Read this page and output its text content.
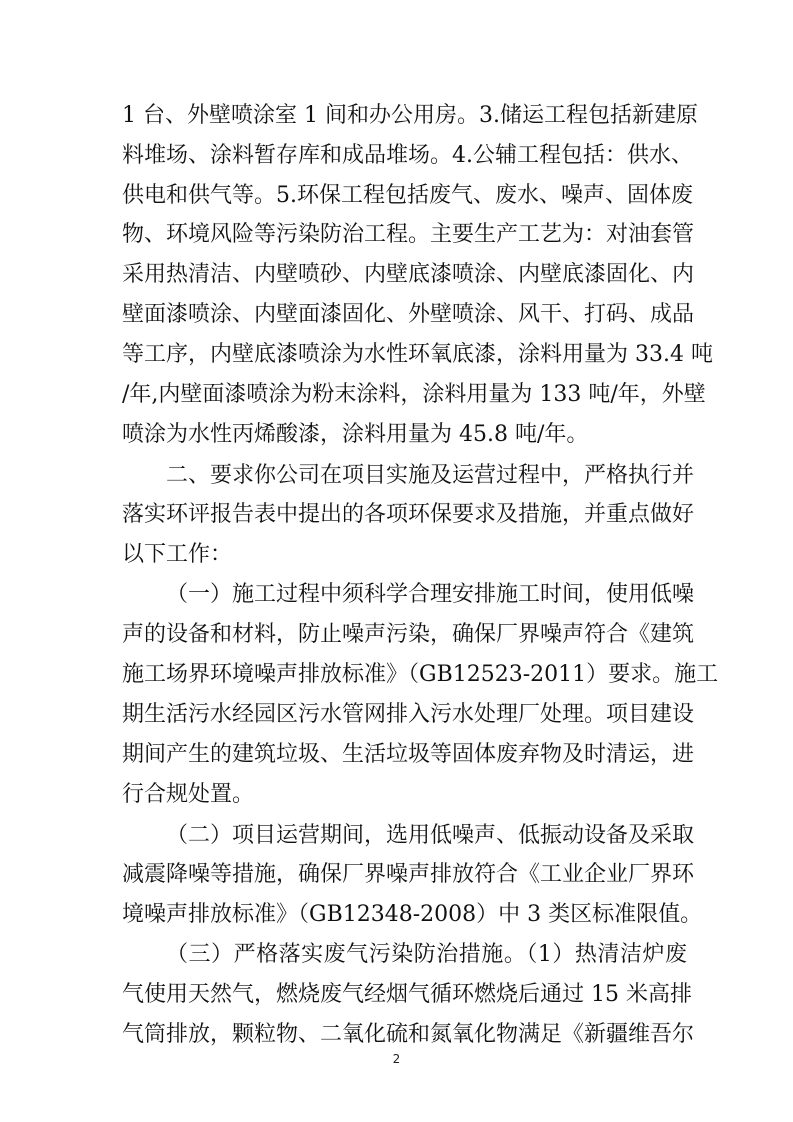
1 台、外壁喷涂室 1 间和办公用房。3.储运工程包括新建原
料堆场、涂料暂存库和成品堆场。4.公辅工程包括：供水、
供电和供气等。5.环保工程包括废气、废水、噪声、固体废
物、环境风险等污染防治工程。主要生产工艺为：对油套管
采用热清洁、内壁喷砂、内壁底漆喷涂、内壁底漆固化、内
壁面漆喷涂、内壁面漆固化、外壁喷涂、风干、打码、成品
等工序，内壁底漆喷涂为水性环氧底漆，涂料用量为 33.4 吨
/年,内壁面漆喷涂为粉末涂料，涂料用量为 133 吨/年，外壁
喷涂为水性丙烯酸漆，涂料用量为 45.8 吨/年。
二、要求你公司在项目实施及运营过程中，严格执行并
落实环评报告表中提出的各项环保要求及措施，并重点做好
以下工作：
（一）施工过程中须科学合理安排施工时间，使用低噪
声的设备和材料，防止噪声污染，确保厂界噪声符合《建筑
施工场界环境噪声排放标准》（GB12523-2011）要求。施工
期生活污水经园区污水管网排入污水处理厂处理。项目建设
期间产生的建筑垃圾、生活垃圾等固体废弃物及时清运，进
行合规处置。
（二）项目运营期间，选用低噪声、低振动设备及采取
减震降噪等措施，确保厂界噪声排放符合《工业企业厂界环
境噪声排放标准》（GB12348-2008）中 3 类区标准限值。
（三）严格落实废气污染防治措施。（1）热清洁炉废
气使用天然气，燃烧废气经烟气循环燃烧后通过 15 米高排
气筒排放，颗粒物、二氧化硫和氮氧化物满足《新疆维吾尔
2
